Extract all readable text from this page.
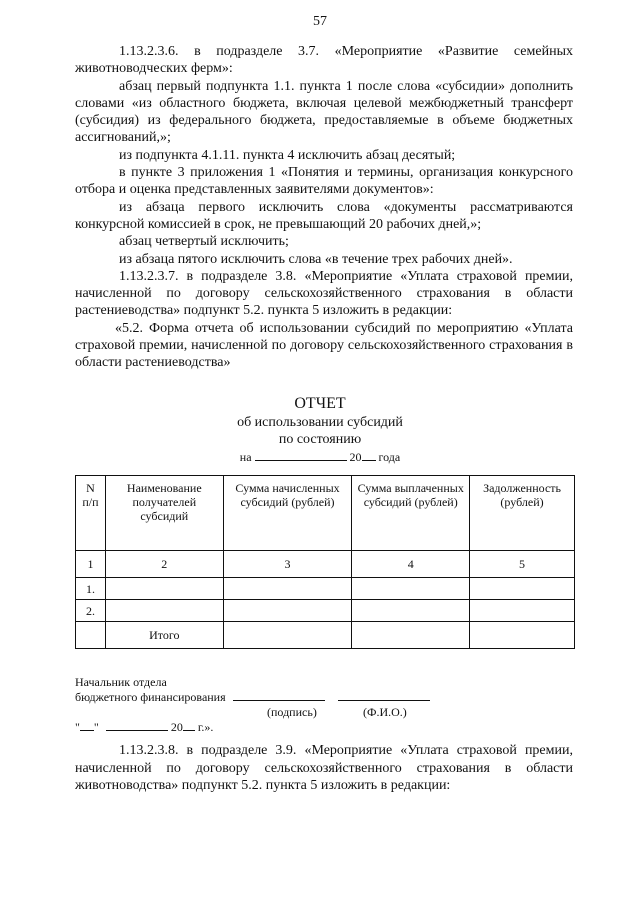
57

1.13.2.3.6. в подразделе 3.7. «Мероприятие «Развитие семейных животноводческих ферм»:

абзац первый подпункта 1.1. пункта 1 после слова «субсидии» дополнить словами «из областного бюджета, включая целевой межбюджетный трансферт (субсидия) из федерального бюджета, предоставляемые в объеме бюджетных ассигнований,»;

из подпункта 4.1.11. пункта 4 исключить абзац десятый;

в пункте 3 приложения 1 «Понятия и термины, организация конкурсного отбора и оценка представленных заявителями документов»:

из абзаца первого исключить слова «документы рассматриваются конкурсной комиссией в срок, не превышающий 20 рабочих дней,»;

абзац четвертый исключить;

из абзаца пятого исключить слова «в течение трех рабочих дней».

1.13.2.3.7. в подразделе 3.8. «Мероприятие «Уплата страховой премии, начисленной по договору сельскохозяйственного страхования в области растениеводства» подпункт 5.2. пункта 5 изложить в редакции:

«5.2. Форма отчета об использовании субсидий по мероприятию «Уплата страховой премии, начисленной по договору сельскохозяйственного страхования в области растениеводства»

ОТЧЕТ
об использовании субсидий
по состоянию
на	20 года
N п/п	Наименование получателей субсидий	Сумма начисленных субсидий (рублей)	Сумма выплаченных субсидий (рублей)	Задолженность (рублей)
1	2	3	4	5
1.				
2.				
	Итого			
Начальник отдела
бюджетного финансирования
(подпись)	(Ф.И.О.)
" "	20 г.».

1.13.2.3.8. в подразделе 3.9. «Мероприятие «Уплата страховой премии, начисленной по договору сельскохозяйственного страхования в области животноводства» подпункт 5.2. пункта 5 изложить в редакции:
